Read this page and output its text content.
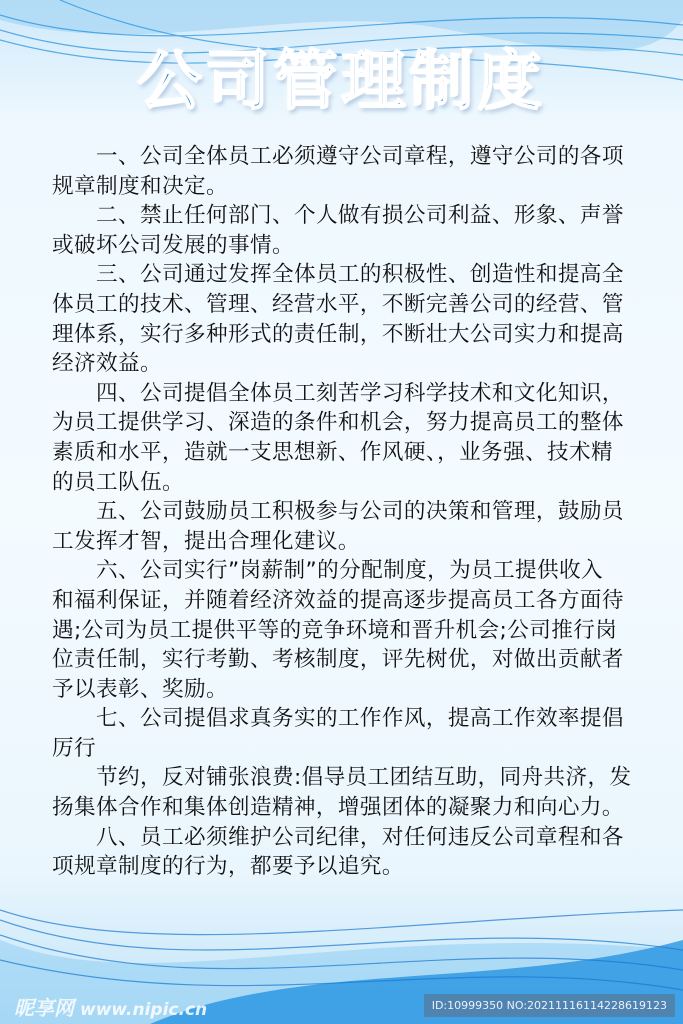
公司管理制度
一、公司全体员工必须遵守公司章程，遵守公司的各项
规章制度和决定。
二、禁止任何部门、个人做有损公司利益、形象、声誉
或破坏公司发展的事情。
三、公司通过发挥全体员工的积极性、创造性和提高全
体员工的技术、管理、经营水平，不断完善公司的经营、管
理体系，实行多种形式的责任制，不断壮大公司实力和提高
经济效益。
四、公司提倡全体员工刻苦学习科学技术和文化知识，
为员工提供学习、深造的条件和机会，努力提高员工的整体
素质和水平，造就一支思想新、作风硬、，业务强、技术精
的员工队伍。
五、公司鼓励员工积极参与公司的决策和管理，鼓励员
工发挥才智，提出合理化建议。
六、公司实行”岗薪制”的分配制度，为员工提供收入
和福利保证，并随着经济效益的提高逐步提高员工各方面待
遇;公司为员工提供平等的竞争环境和晋升机会;公司推行岗
位责任制，实行考勤、考核制度，评先树优，对做出贡献者
予以表彰、奖励。
七、公司提倡求真务实的工作作风，提高工作效率提倡
厉行
节约，反对铺张浪费:倡导员工团结互助，同舟共济，发
扬集体合作和集体创造精神，增强团体的凝聚力和向心力。
八、员工必须维护公司纪律，对任何违反公司章程和各
项规章制度的行为，都要予以追究。
昵享网 www.nipic.cn	ID:10999350 NO:20211116114228619123
